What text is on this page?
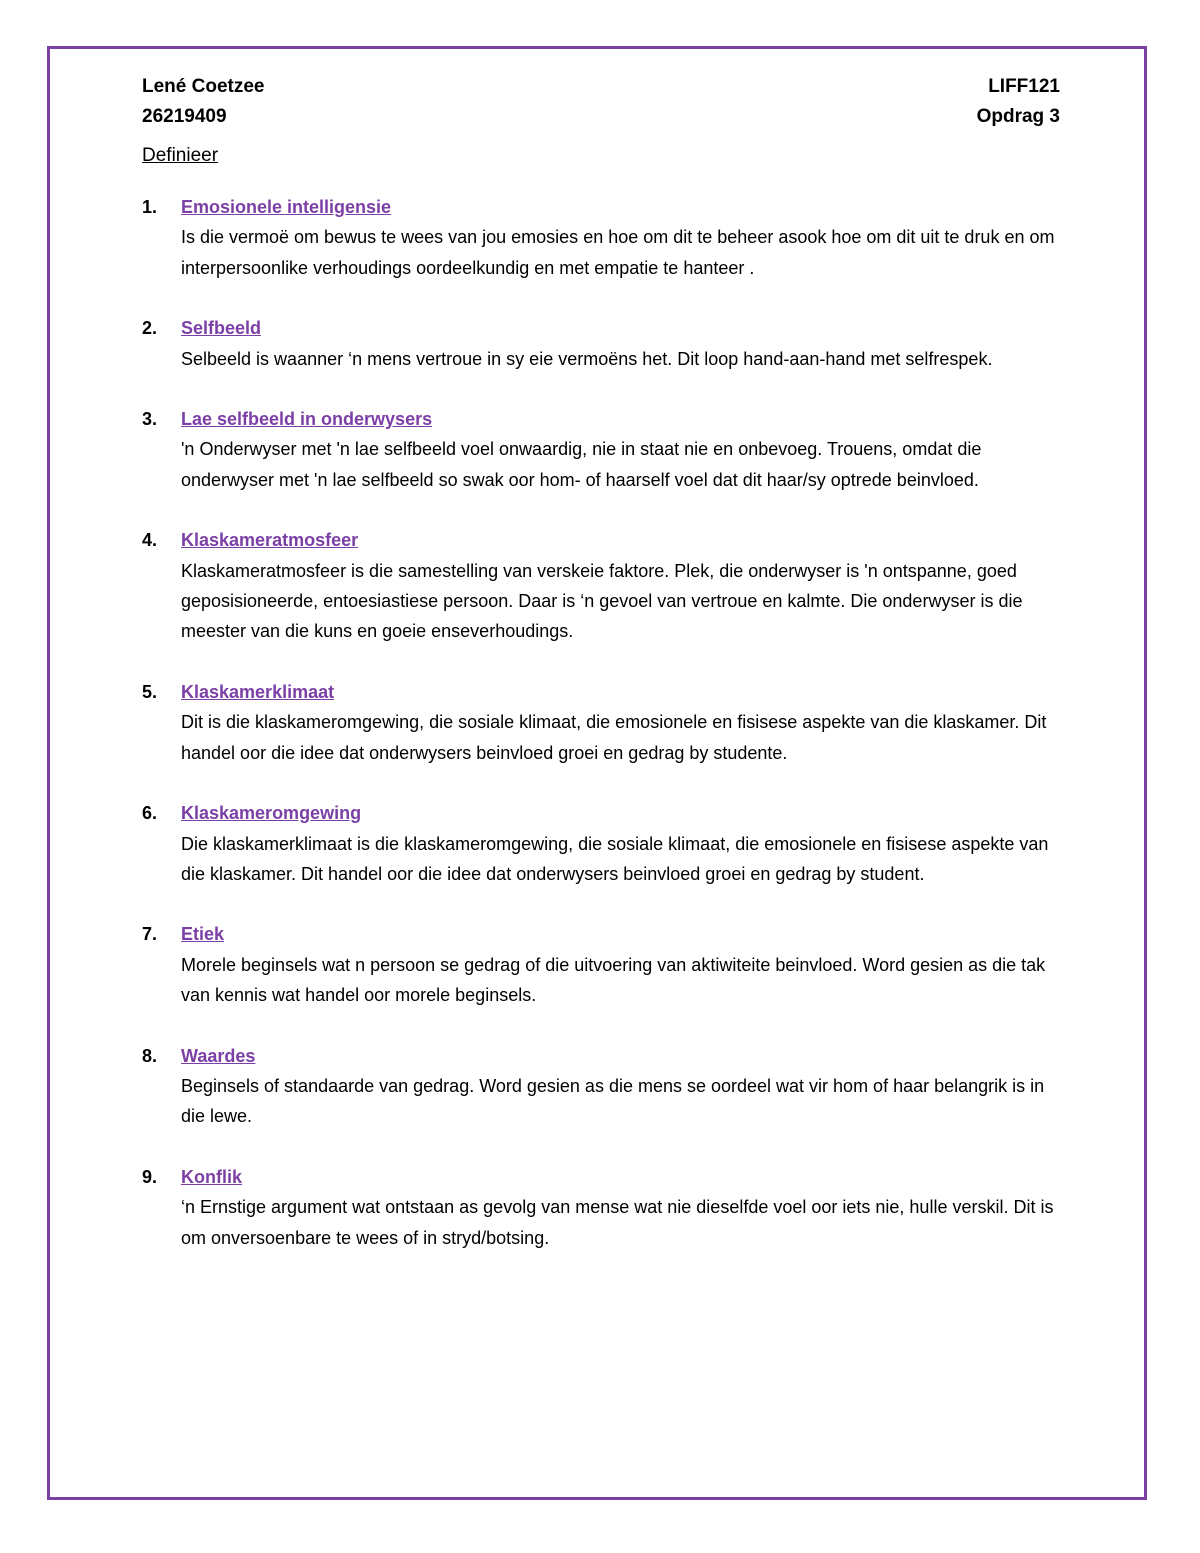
Lené Coetzee	LIFF121
26219409	Opdrag 3
Definieer
1. Emosionele intelligensie
Is die vermoë om bewus te wees van jou emosies en hoe om dit te beheer asook hoe om dit uit te druk en om interpersoonlike verhoudings oordeelkundig en met empatie te hanteer .
2. Selfbeeld
Selbeeld is waanner ‘n mens vertroue in sy eie vermoëns het. Dit loop hand-aan-hand met selfrespek.
3. Lae selfbeeld in onderwysers
'n Onderwyser met 'n lae selfbeeld voel onwaardig, nie in staat nie en onbevoeg. Trouens, omdat die onderwyser met 'n lae selfbeeld so swak oor hom- of haarself voel dat dit haar/sy optrede beinvloed.
4. Klaskameratmosfeer
Klaskameratmosfeer is die samestelling van verskeie faktore. Plek, die onderwyser is 'n ontspanne, goed geposisioneerde, entoesiastiese persoon. Daar is ‘n gevoel van vertroue en kalmte. Die onderwyser is die meester van die kuns en goeie enseverhoudings.
5. Klaskamerklimaat
Dit is die klaskameromgewing, die sosiale klimaat, die emosionele en fisisese aspekte van die klaskamer. Dit handel oor die idee dat onderwysers beinvloed groei en gedrag by studente.
6. Klaskameromgewing
Die klaskamerklimaat is die klaskameromgewing, die sosiale klimaat, die emosionele en fisisese aspekte van die klaskamer. Dit handel oor die idee dat onderwysers beinvloed groei en gedrag by student.
7. Etiek
Morele beginsels wat n persoon se gedrag of die uitvoering van aktiwiteite beinvloed. Word gesien as die tak van kennis wat handel oor morele beginsels.
8. Waardes
Beginsels of standaarde van gedrag. Word gesien as die mens se oordeel wat vir hom of haar belangrik is in die lewe.
9. Konflik
‘n Ernstige argument wat ontstaan as gevolg van mense wat nie dieselfde voel oor iets nie, hulle verskil. Dit is om onversoenbare te wees of in stryd/botsing.
